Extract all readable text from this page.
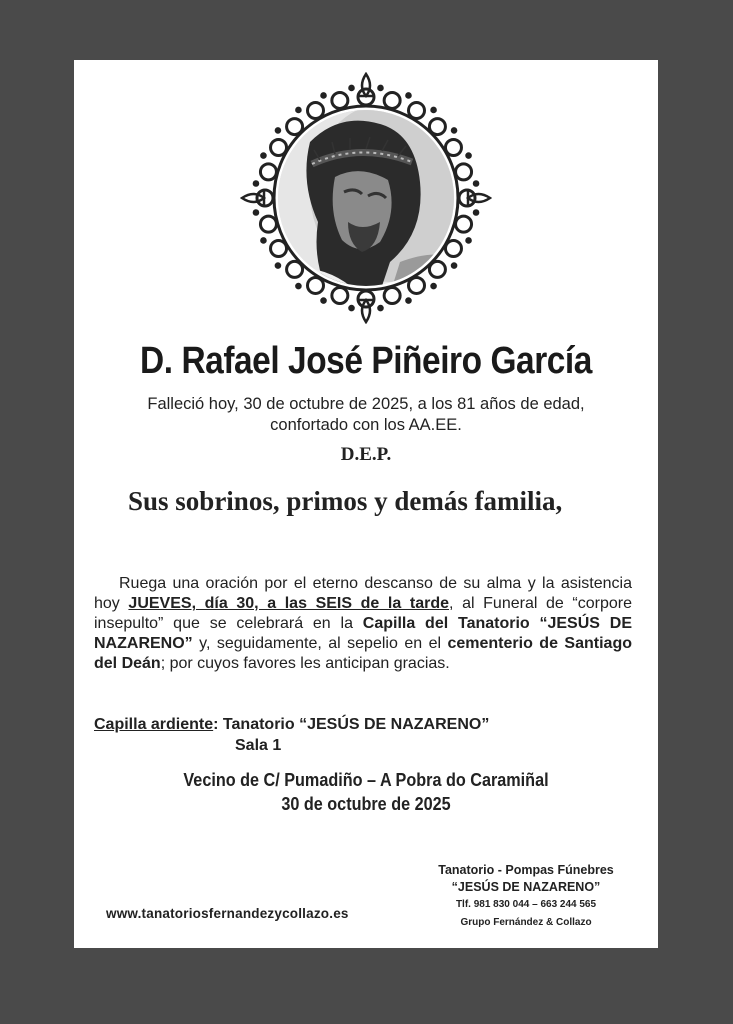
D. Rafael José Piñeiro García
Falleció hoy, 30 de octubre de 2025, a los 81 años de edad,
confortado con los AA.EE.
D.E.P.
Sus sobrinos, primos y demás familia,
Ruega una oración por el eterno descanso de su alma y la asistencia hoy JUEVES, día 30, a las SEIS de la tarde, al Funeral de “corpore insepulto” que se celebrará en la Capilla del Tanatorio “JESÚS DE NAZARENO” y, seguidamente, al sepelio en el cementerio de Santiago del Deán; por cuyos favores les anticipan gracias.
Capilla ardiente: Tanatorio “JESÚS DE NAZARENO”
Sala 1
Vecino de C/ Pumadiño – A Pobra do Caramiñal
30 de octubre de 2025
www.tanatoriosfernandezycollazo.es
Tanatorio - Pompas Fúnebres
“JESÚS DE NAZARENO”
Tlf. 981 830 044 – 663 244 565
Grupo Fernández & Collazo
